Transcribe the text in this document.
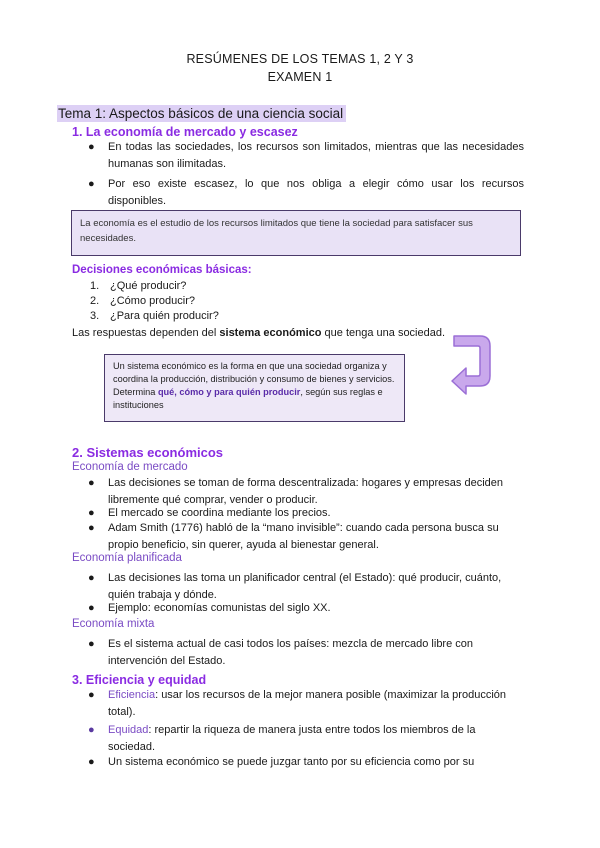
RESÚMENES DE LOS TEMAS 1, 2 Y 3
EXAMEN 1
Tema 1: Aspectos básicos de una ciencia social
1. La economía de mercado y escasez
● En todas las sociedades, los recursos son limitados, mientras que las necesidades humanas son ilimitadas.
● Por eso existe escasez, lo que nos obliga a elegir cómo usar los recursos disponibles.
La economía es el estudio de los recursos limitados que tiene la sociedad para satisfacer sus necesidades.
Decisiones económicas básicas:
1. ¿Qué producir?
2. ¿Cómo producir?
3. ¿Para quién producir?
Las respuestas dependen del sistema económico que tenga una sociedad.
Un sistema económico es la forma en que una sociedad organiza y coordina la producción, distribución y consumo de bienes y servicios. Determina qué, cómo y para quién producir, según sus reglas e instituciones
2. Sistemas económicos
Economía de mercado
● Las decisiones se toman de forma descentralizada: hogares y empresas deciden libremente qué comprar, vender o producir.
● El mercado se coordina mediante los precios.
● Adam Smith (1776) habló de la “mano invisible”: cuando cada persona busca su propio beneficio, sin querer, ayuda al bienestar general.
Economía planificada
● Las decisiones las toma un planificador central (el Estado): qué producir, cuánto, quién trabaja y dónde.
● Ejemplo: economías comunistas del siglo XX.
Economía mixta
● Es el sistema actual de casi todos los países: mezcla de mercado libre con intervención del Estado.
3. Eficiencia y equidad
● Eficiencia: usar los recursos de la mejor manera posible (maximizar la producción total).
● Equidad: repartir la riqueza de manera justa entre todos los miembros de la sociedad.
● Un sistema económico se puede juzgar tanto por su eficiencia como por su
